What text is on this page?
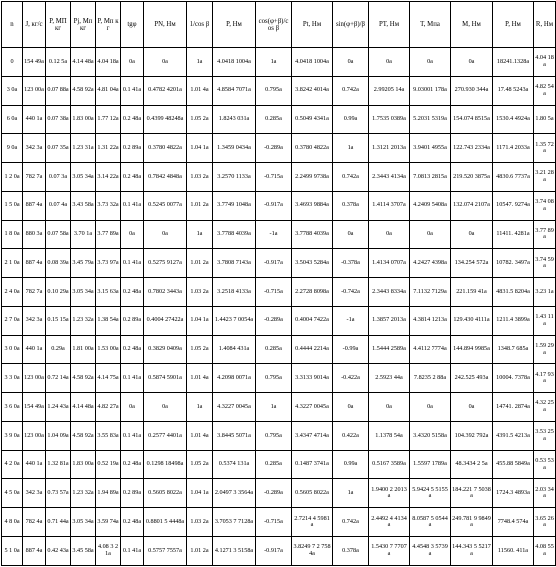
n	J, кг/с	P, МП кг	Pj, Мп кг	P, Мп кг	tgφ	PN, Нм	1/cos β	P, Нм	cos(φ+β)/cos β	Pt, Нм	sin(φ+β)/β	PT, Нм	T, Мпа	M, Нм	P, Нм	R, Нм
0	154 49a	0.12 5a	4.14 48a	4.04 18a	0a	0a	1a	4.0418 1004a	1a	4.0418 1004a	0a	0a	0a	0a	18241.1328a	4.04 18a
3 0a	123 00a	0.07 88a	4.58 92a	4.81 04a	0.1 41a	0.4782 4201a	1.01 4a	4.8584 7071a	0.795a	3.8242 4014a	0.742a	2.99205 14a	9.03001 178a	270.930 344a	17.48 5243a	4.82 54a
6 0a	440 1a	0.07 38a	1.83 00a	1.77 12a	0.2 48a	0.4399 48248a	1.05 2a	1.8243 031a	0.285a	0.5049 4341a	0.99a	1.7535 0389a	5.2031 5319a	154.074 8515a	1530.4 4924a	1.80 5a
9 0a	342 3a	0.07 35a	1.23 31a	1.31 22a	0.2 89a	0.3780 4822a	1.04 1a	1.3459 0434a	-0.289a	0.3780 4822a	1a	1.3121 2013a	3.9401 4955a	122.743 2334a	1171.4 2033a	1.35 72a
1 2 0a	782 7a	0.07 3a	3.05 34a	3.14 22a	0.2 48a	0.7842 4848a	1.03 2a	3.2570 1133a	-0.715a	2.2499 9738a	0.742a	2.3443 4134a	7.0813 2815a	219.520 3875a	4830.6 7737a	3.21 28a
1 5 0a	887 4a	0.07 4a	3.43 58a	3.73 32a	0.1 41a	0.5245 0077a	1.01 2a	3.7749 1048a	-0.917a	3.4693 9884a	0.378a	1.4114 3707a	4.2409 5408a	132.074 2107a	10547. 9274a	3.74 08a
1 8 0a	880 3a	0.07 58a	3.70 1a	3.77 89a	0a	0a	1a	3.7788 4039a	-1a	3.7788 4039a	0a	0a	0a	0a	11411. 4281a	3.77 89a
2 1 0a	887 4a	0.08 39a	3.45 79a	3.73 97a	0.1 41a	0.5275 9127a	1.01 2a	3.7808 7143a	-0.917a	3.5043 5284a	-0.378a	1.4134 0707a	4.2427 4398a	134.254 572a	10782. 3497a	3.74 59a
2 4 0a	782 7a	0.10 29a	3.05 34a	3.15 63a	0.2 48a	0.7802 3443a	1.03 2a	3.2518 4133a	-0.715a	2.2728 8098a	-0.742a	2.3443 8334a	7.1132 7129a	221.159 41a	4831.5 8204a	3.23 1a
2 7 0a	342 3a	0.15 15a	1.23 32a	1.38 54a	0.2 89a	0.4004 27422a	1.04 1a	1.4423 7 0054a	-0.289a	0.4004 7422a	-1a	1.3857 2013a	4.3814 1213a	129.430 4111a	1211.4 3899a	1.43 11a
3 0 0a	440 1a	0.29a	1.81 00a	1.53 00a	0.2 48a	0.3829 0409a	1.05 2a	1.4084 431a	0.285a	0.4444 2214a	-0.99a	1.5444 2589a	4.4112 7774a	144.894 9985a	1348.7 685a	1.59 29a
3 3 0a	123 00a	0.72 14a	4.58 92a	4.14 75a	0.1 41a	0.5874 5901a	1.01 4a	4.2098 0071a	0.795a	3.3133 9014a	-0.422a	2.5923 44a	7.8235 2 88a	242.525 493a	10004. 7378a	4.17 93a
3 6 0a	154 49a	1.24 43a	4.14 48a	4.82 27a	0a	0a	1a	4.3227 0045a	1a	4.3227 0045a	0a	0a	0a	0a	14741. 2874a	4.32 25a
3 9 0a	123 00a	1.04 09a	4.58 92a	3.55 83a	0.1 41a	0.2577 4401a	1.01 4a	3.8445 5071a	0.795a	3.4347 4714a	0.422a	1.1378 54a	3.4320 5158a	104.392 792a	4391.5 4213a	3.53 25a
4 2 0a	440 1a	1.32 81a	1.83 00a	0.52 19a	0.2 48a	0.1298 18498a	1.05 2a	0.5374 131a	0.285a	0.1487 3741a	0.99a	0.5167 3589a	1.5597 1789a	48.3434 2 5a	455.88 5849a	0.53 53a
4 5 0a	342 3a	0.73 57a	1.23 32a	1.94 89a	0.2 89a	0.5605 8022a	1.04 1a	2.0497 3 3564a	-0.289a	0.5605 8022a	1a	1.9400 2 2013a	5.9424 5 5155a	184.221 7 5038a	1724.3 4893a	2.03 34a
4 8 0a	782 4a	0.71 44a	3.05 34a	3.59 74a	0.2 48a	0.8801 5 4448a	1.03 2a	3.7053 7 7128a	-0.715a	2.7214 4 5981a	0.742a	2.4492 4 4134a	8.0587 5 0544a	249.781 9 9849a	7748.4 574a	3.65 26a
5 1 0a	887 4a	0.42 43a	3.45 58a	4.08 3 21a	0.1 41a	0.5757 7557a	1.01 2a	4.1271 3 5158a	-0.917a	3.8249 7 2 7584a	0.378a	1.5430 7 7707a	4.4548 3 5739a	144.343 5 5217a	11560. 411a	4.08 55a
